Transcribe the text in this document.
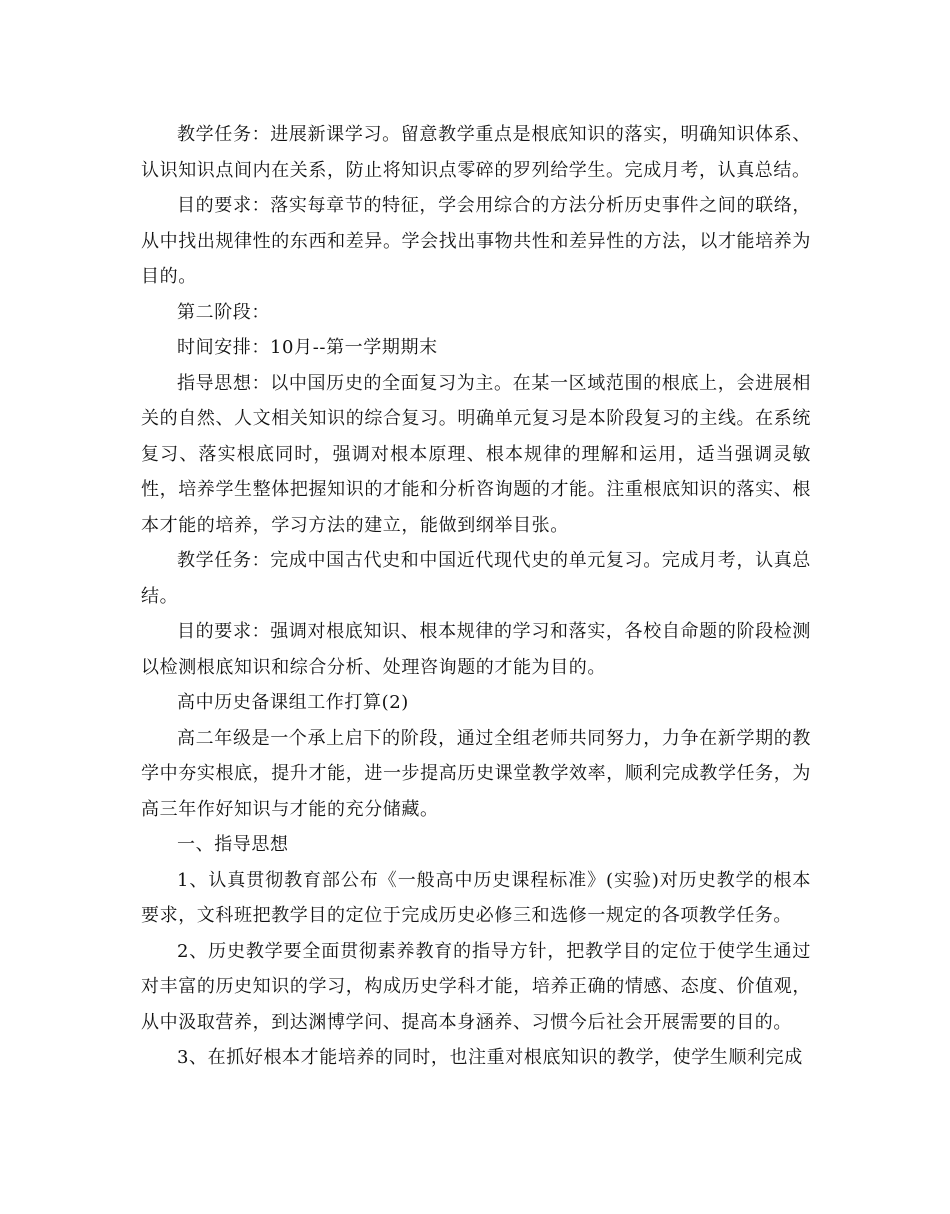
教学任务：进展新课学习。留意教学重点是根底知识的落实，明确知识体系、认识知识点间内在关系，防止将知识点零碎的罗列给学生。完成月考，认真总结。

目的要求：落实每章节的特征，学会用综合的方法分析历史事件之间的联络，从中找出规律性的东西和差异。学会找出事物共性和差异性的方法，以才能培养为目的。

第二阶段：

时间安排：10月--第一学期期末

指导思想：以中国历史的全面复习为主。在某一区域范围的根底上，会进展相关的自然、人文相关知识的综合复习。明确单元复习是本阶段复习的主线。在系统复习、落实根底同时，强调对根本原理、根本规律的理解和运用，适当强调灵敏性，培养学生整体把握知识的才能和分析咨询题的才能。注重根底知识的落实、根本才能的培养，学习方法的建立，能做到纲举目张。

教学任务：完成中国古代史和中国近代现代史的单元复习。完成月考，认真总结。

目的要求：强调对根底知识、根本规律的学习和落实，各校自命题的阶段检测以检测根底知识和综合分析、处理咨询题的才能为目的。

高中历史备课组工作打算(2)

高二年级是一个承上启下的阶段，通过全组老师共同努力，力争在新学期的教学中夯实根底，提升才能，进一步提高历史课堂教学效率，顺利完成教学任务，为高三年作好知识与才能的充分储藏。

一、指导思想

1、认真贯彻教育部公布《一般高中历史课程标准》(实验)对历史教学的根本要求，文科班把教学目的定位于完成历史必修三和选修一规定的各项教学任务。

2、历史教学要全面贯彻素养教育的指导方针，把教学目的定位于使学生通过对丰富的历史知识的学习，构成历史学科才能，培养正确的情感、态度、价值观，从中汲取营养，到达渊博学问、提高本身涵养、习惯今后社会开展需要的目的。

3、在抓好根本才能培养的同时，也注重对根底知识的教学，使学生顺利完成
